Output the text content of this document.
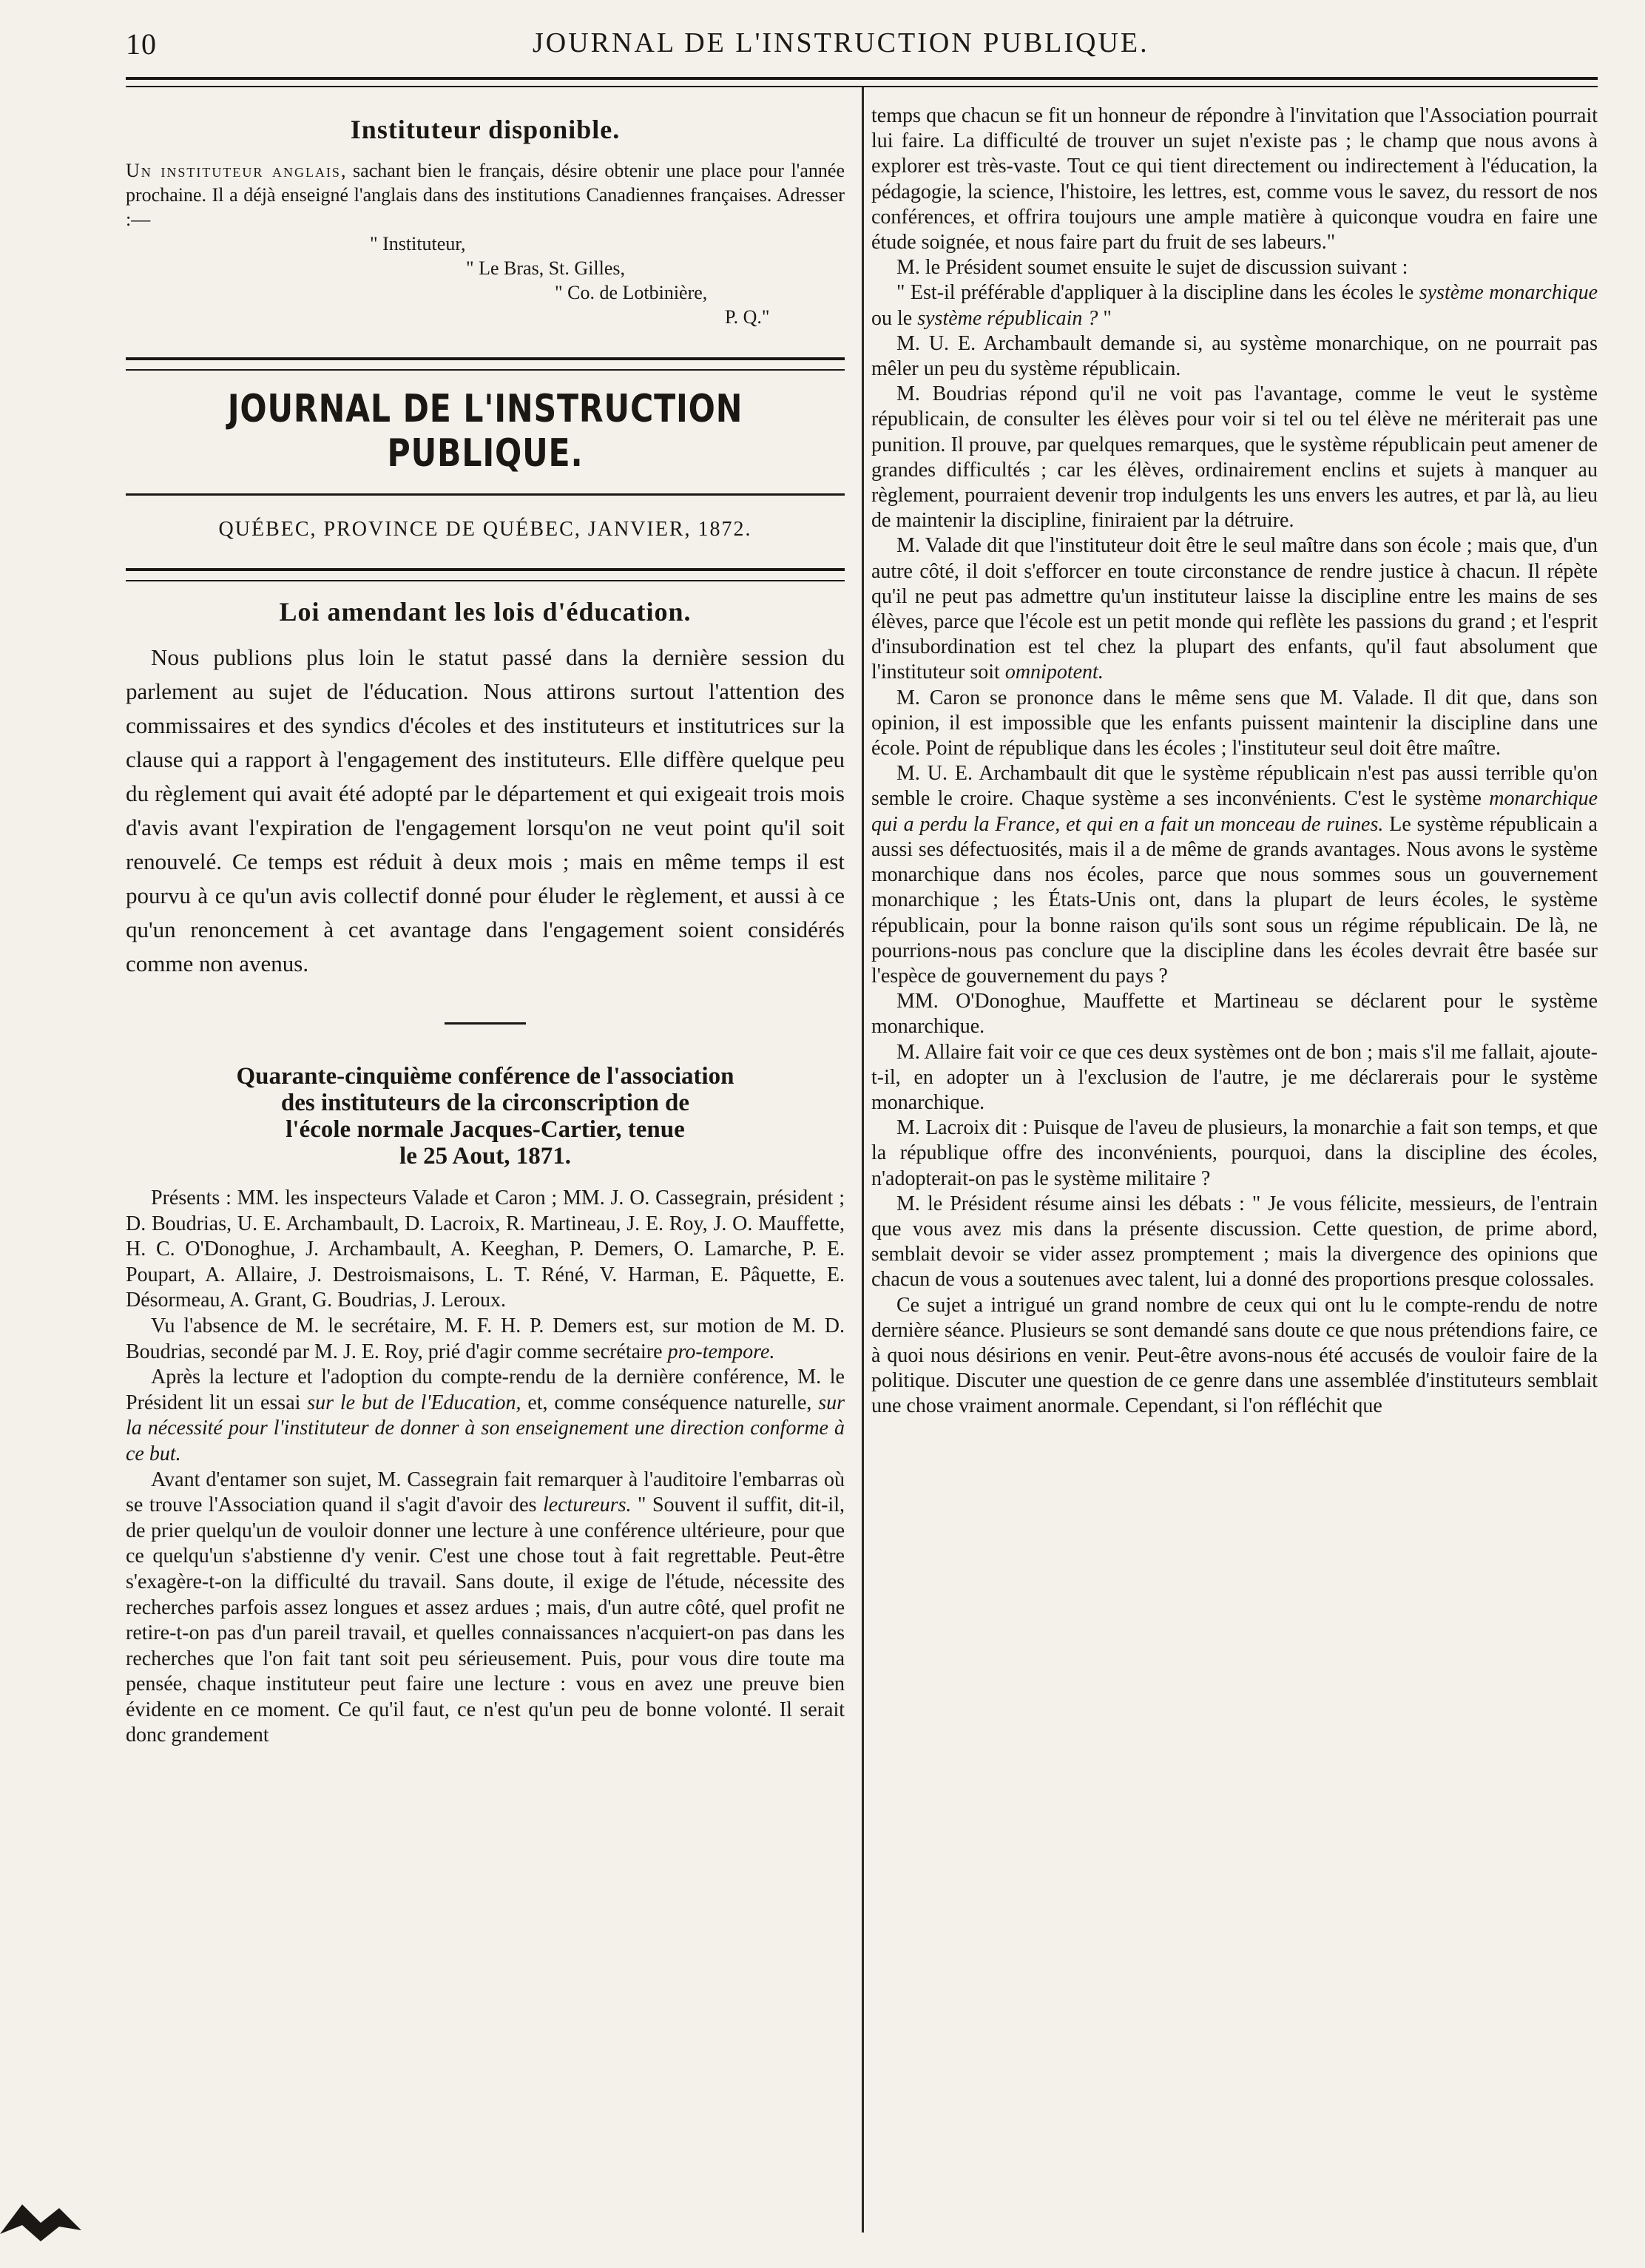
10	JOURNAL DE L'INSTRUCTION PUBLIQUE.
Instituteur disponible.

Un instituteur anglais, sachant bien le français, désire obtenir une place pour l'année prochaine. Il a déjà enseigné l'anglais dans des institutions Canadiennes françaises. Adresser :—

" Instituteur,
" Le Bras, St. Gilles,
" Co. de Lotbinière,
P. Q."
JOURNAL DE L'INSTRUCTION PUBLIQUE.
QUÉBEC, PROVINCE DE QUÉBEC, JANVIER, 1872.
Loi amendant les lois d'éducation.

Nous publions plus loin le statut passé dans la dernière session du parlement au sujet de l'éducation. Nous attirons surtout l'attention des commissaires et des syndics d'écoles et des instituteurs et institutrices sur la clause qui a rapport à l'engagement des instituteurs. Elle diffère quelque peu du règlement qui avait été adopté par le département et qui exigeait trois mois d'avis avant l'expiration de l'engagement lorsqu'on ne veut point qu'il soit renouvelé. Ce temps est réduit à deux mois ; mais en même temps il est pourvu à ce qu'un avis collectif donné pour éluder le règlement, et aussi à ce qu'un renoncement à cet avantage dans l'engagement soient considérés comme non avenus.

Quarante-cinquième conférence de l'association
des instituteurs de la circonscription de
l'école normale Jacques-Cartier, tenue
le 25 Aout, 1871.

Présents : MM. les inspecteurs Valade et Caron ; MM. J. O. Cassegrain, président ; D. Boudrias, U. E. Archambault, D. Lacroix, R. Martineau, J. E. Roy, J. O. Mauffette, H. C. O'Donoghue, J. Archambault, A. Keeghan, P. Demers, O. Lamarche, P. E. Poupart, A. Allaire, J. Destroismaisons, L. T. Réné, V. Harman, E. Pâquette, E. Désormeau, A. Grant, G. Boudrias, J. Leroux.

Vu l'absence de M. le secrétaire, M. F. H. P. Demers est, sur motion de M. D. Boudrias, secondé par M. J. E. Roy, prié d'agir comme secrétaire pro-tempore.

Après la lecture et l'adoption du compte-rendu de la dernière conférence, M. le Président lit un essai sur le but de l'Education, et, comme conséquence naturelle, sur la nécessité pour l'instituteur de donner à son enseignement une direction conforme à ce but.

Avant d'entamer son sujet, M. Cassegrain fait remarquer à l'auditoire l'embarras où se trouve l'Association quand il s'agit d'avoir des lectureurs. " Souvent il suffit, dit-il, de prier quelqu'un de vouloir donner une lecture à une conférence ultérieure, pour que ce quelqu'un s'abstienne d'y venir. C'est une chose tout à fait regrettable. Peut-être s'exagère-t-on la difficulté du travail. Sans doute, il exige de l'étude, nécessite des recherches parfois assez longues et assez ardues ; mais, d'un autre côté, quel profit ne retire-t-on pas d'un pareil travail, et quelles connaissances n'acquiert-on pas dans les recherches que l'on fait tant soit peu sérieusement. Puis, pour vous dire toute ma pensée, chaque instituteur peut faire une lecture : vous en avez une preuve bien évidente en ce moment. Ce qu'il faut, ce n'est qu'un peu de bonne volonté. Il serait donc grandement

temps que chacun se fit un honneur de répondre à l'invitation que l'Association pourrait lui faire. La difficulté de trouver un sujet n'existe pas ; le champ que nous avons à explorer est très-vaste. Tout ce qui tient directement ou indirectement à l'éducation, la pédagogie, la science, l'histoire, les lettres, est, comme vous le savez, du ressort de nos conférences, et offrira toujours une ample matière à quiconque voudra en faire une étude soignée, et nous faire part du fruit de ses labeurs."

M. le Président soumet ensuite le sujet de discussion suivant :

" Est-il préférable d'appliquer à la discipline dans les écoles le système monarchique ou le système républicain ? "

M. U. E. Archambault demande si, au système monarchique, on ne pourrait pas mêler un peu du système républicain.

M. Boudrias répond qu'il ne voit pas l'avantage, comme le veut le système républicain, de consulter les élèves pour voir si tel ou tel élève ne mériterait pas une punition. Il prouve, par quelques remarques, que le système républicain peut amener de grandes difficultés ; car les élèves, ordinairement enclins et sujets à manquer au règlement, pourraient devenir trop indulgents les uns envers les autres, et par là, au lieu de maintenir la discipline, finiraient par la détruire.

M. Valade dit que l'instituteur doit être le seul maître dans son école ; mais que, d'un autre côté, il doit s'efforcer en toute circonstance de rendre justice à chacun. Il répète qu'il ne peut pas admettre qu'un instituteur laisse la discipline entre les mains de ses élèves, parce que l'école est un petit monde qui reflète les passions du grand ; et l'esprit d'insubordination est tel chez la plupart des enfants, qu'il faut absolument que l'instituteur soit omnipotent.

M. Caron se prononce dans le même sens que M. Valade. Il dit que, dans son opinion, il est impossible que les enfants puissent maintenir la discipline dans une école. Point de république dans les écoles ; l'instituteur seul doit être maître.

M. U. E. Archambault dit que le système républicain n'est pas aussi terrible qu'on semble le croire. Chaque système a ses inconvénients. C'est le système monarchique qui a perdu la France, et qui en a fait un monceau de ruines. Le système républicain a aussi ses défectuosités, mais il a de même de grands avantages. Nous avons le système monarchique dans nos écoles, parce que nous sommes sous un gouvernement monarchique ; les États-Unis ont, dans la plupart de leurs écoles, le système républicain, pour la bonne raison qu'ils sont sous un régime républicain. De là, ne pourrions-nous pas conclure que la discipline dans les écoles devrait être basée sur l'espèce de gouvernement du pays ?

MM. O'Donoghue, Mauffette et Martineau se déclarent pour le système monarchique.

M. Allaire fait voir ce que ces deux systèmes ont de bon ; mais s'il me fallait, ajoute-t-il, en adopter un à l'exclusion de l'autre, je me déclarerais pour le système monarchique.

M. Lacroix dit : Puisque de l'aveu de plusieurs, la monarchie a fait son temps, et que la république offre des inconvénients, pourquoi, dans la discipline des écoles, n'adopterait-on pas le système militaire ?

M. le Président résume ainsi les débats : " Je vous félicite, messieurs, de l'entrain que vous avez mis dans la présente discussion. Cette question, de prime abord, semblait devoir se vider assez promptement ; mais la divergence des opinions que chacun de vous a soutenues avec talent, lui a donné des proportions presque colossales.

Ce sujet a intrigué un grand nombre de ceux qui ont lu le compte-rendu de notre dernière séance. Plusieurs se sont demandé sans doute ce que nous prétendions faire, ce à quoi nous désirions en venir. Peut-être avons-nous été accusés de vouloir faire de la politique. Discuter une question de ce genre dans une assemblée d'instituteurs semblait une chose vraiment anormale. Cependant, si l'on réfléchit que
